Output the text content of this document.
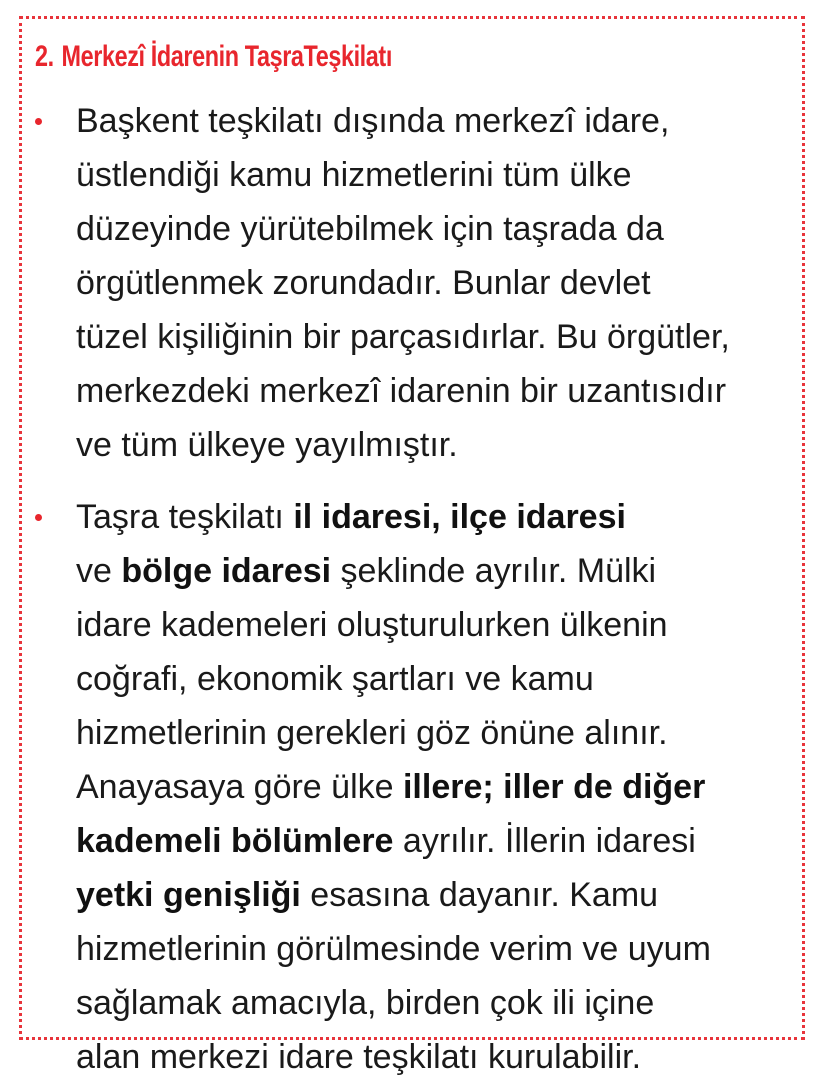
2. Merkezî İdarenin TaşraTeşkilatı
Başkent teşkilatı dışında merkezî idare,
üstlendiği kamu hizmetlerini tüm ülke
düzeyinde yürütebilmek için taşrada da
örgütlenmek zorundadır. Bunlar devlet
tüzel kişiliğinin bir parçasıdırlar. Bu örgütler,
merkezdeki merkezî idarenin bir uzantısıdır
ve tüm ülkeye yayılmıştır.
Taşra teşkilatı il idaresi, ilçe idaresi
ve bölge idaresi şeklinde ayrılır. Mülki
idare kademeleri oluşturulurken ülkenin
coğrafi, ekonomik şartları ve kamu
hizmetlerinin gerekleri göz önüne alınır.
Anayasaya göre ülke illere; iller de diğer
kademeli bölümlere ayrılır. İllerin idaresi
yetki genişliği esasına dayanır. Kamu
hizmetlerinin görülmesinde verim ve uyum
sağlamak amacıyla, birden çok ili içine
alan merkezi idare teşkilatı kurulabilir.
